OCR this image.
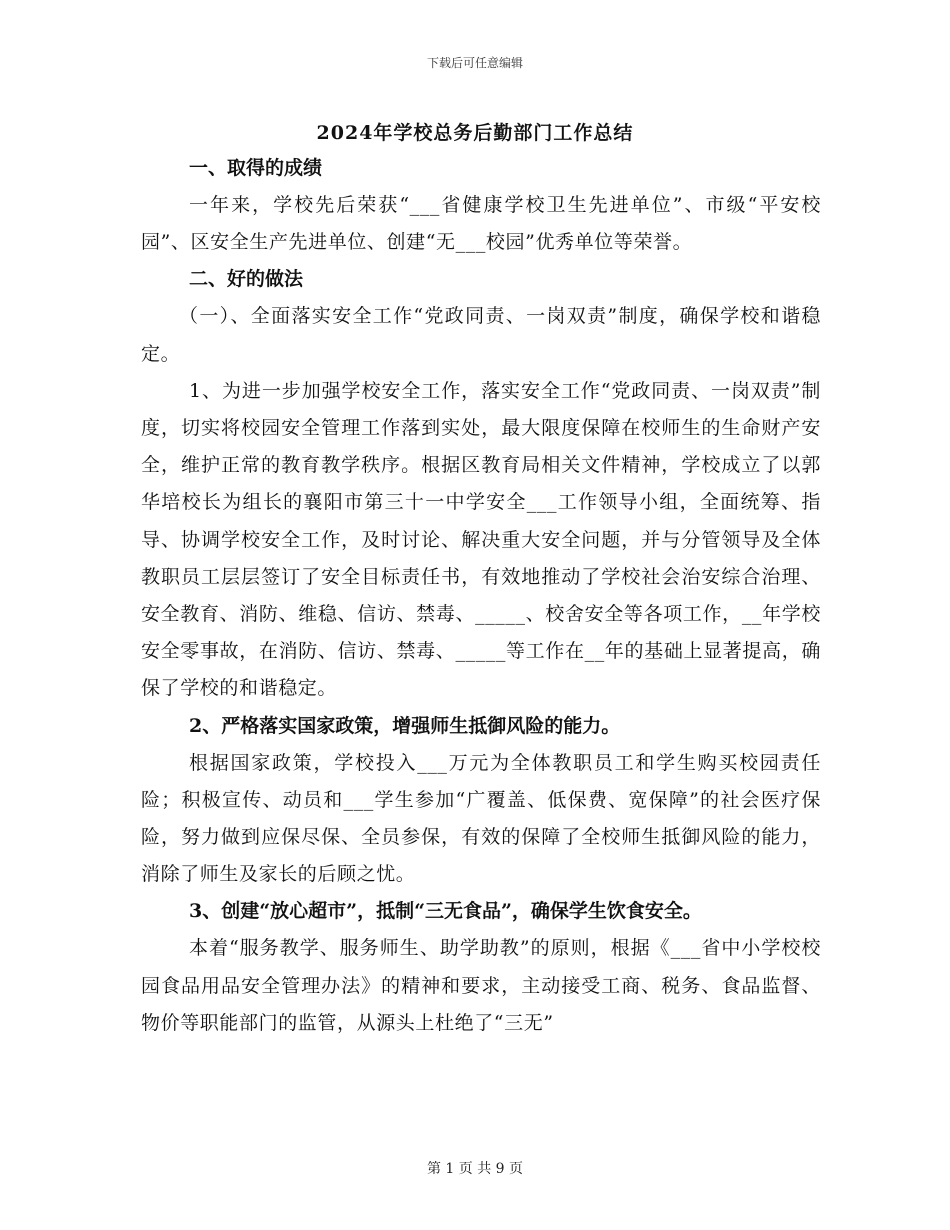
下载后可任意编辑
2024年学校总务后勤部门工作总结

一、取得的成绩

一年来，学校先后荣获“___省健康学校卫生先进单位”、市级“平安校园”、区安全生产先进单位、创建“无___校园”优秀单位等荣誉。

二、好的做法

（一）、全面落实安全工作“党政同责、一岗双责”制度，确保学校和谐稳定。

1、为进一步加强学校安全工作，落实安全工作“党政同责、一岗双责”制度，切实将校园安全管理工作落到实处，最大限度保障在校师生的生命财产安全，维护正常的教育教学秩序。根据区教育局相关文件精神，学校成立了以郭华培校长为组长的襄阳市第三十一中学安全___工作领导小组，全面统筹、指导、协调学校安全工作，及时讨论、解决重大安全问题，并与分管领导及全体教职员工层层签订了安全目标责任书，有效地推动了学校社会治安综合治理、安全教育、消防、维稳、信访、禁毒、_____、校舍安全等各项工作，__年学校安全零事故，在消防、信访、禁毒、_____等工作在__年的基础上显著提高，确保了学校的和谐稳定。

2、严格落实国家政策，增强师生抵御风险的能力。

根据国家政策，学校投入___万元为全体教职员工和学生购买校园责任险；积极宣传、动员和___学生参加“广覆盖、低保费、宽保障”的社会医疗保险，努力做到应保尽保、全员参保，有效的保障了全校师生抵御风险的能力，消除了师生及家长的后顾之忧。

3、创建“放心超市”，抵制“三无食品”，确保学生饮食安全。

本着“服务教学、服务师生、助学助教”的原则，根据《___省中小学校校园食品用品安全管理办法》的精神和要求，主动接受工商、税务、食品监督、物价等职能部门的监管，从源头上杜绝了“三无”

第 1 页 共 9 页
